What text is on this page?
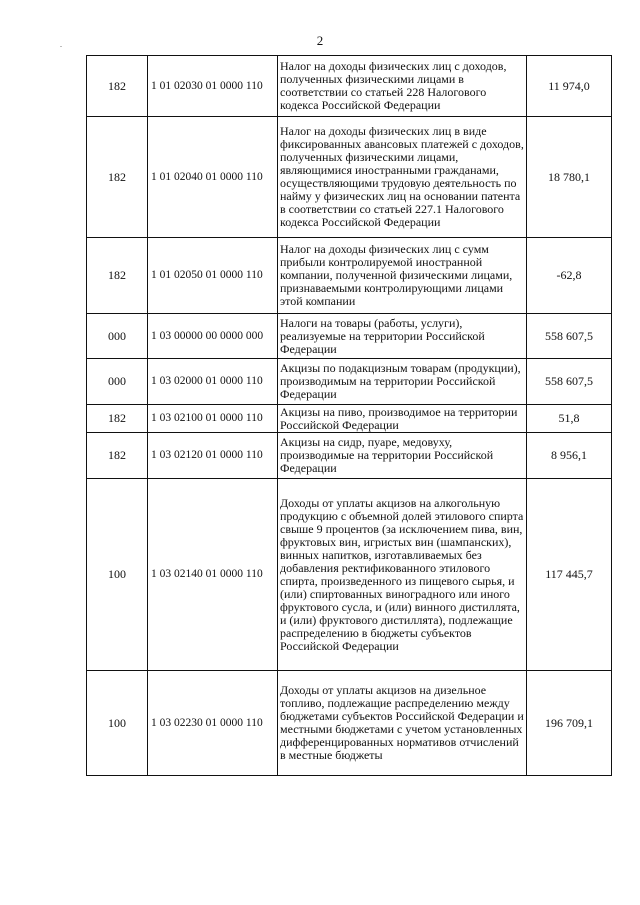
.	2
182	1 01 02030 01 0000 110	Налог на доходы физических лиц с доходов, полученных физическими лицами в соответствии со статьей 228 Налогового кодекса Российской Федерации	11 974,0
182	1 01 02040 01 0000 110	Налог на доходы физических лиц в виде фиксированных авансовых платежей с доходов, полученных физическими лицами, являющимися иностранными гражданами, осуществляющими трудовую деятельность по найму у физических лиц на основании патента в соответствии со статьей 227.1 Налогового кодекса Российской Федерации	18 780,1
182	1 01 02050 01 0000 110	Налог на доходы физических лиц с сумм прибыли контролируемой иностранной компании, полученной физическими лицами, признаваемыми контролирующими лицами этой компании	-62,8
000	1 03 00000 00 0000 000	Налоги на товары (работы, услуги), реализуемые на территории Российской Федерации	558 607,5
000	1 03 02000 01 0000 110	Акцизы по подакцизным товарам (продукции), производимым на территории Российской Федерации	558 607,5
182	1 03 02100 01 0000 110	Акцизы на пиво, производимое на территории Российской Федерации	51,8
182	1 03 02120 01 0000 110	Акцизы на сидр, пуаре, медовуху, производимые на территории Российской Федерации	8 956,1
100	1 03 02140 01 0000 110	Доходы от уплаты акцизов на алкогольную продукцию с объемной долей этилового спирта свыше 9 процентов (за исключением пива, вин, фруктовых вин, игристых вин (шампанских), винных напитков, изготавливаемых без добавления ректификованного этилового спирта, произведенного из пищевого сырья, и (или) спиртованных виноградного или иного фруктового сусла, и (или) винного дистиллята, и (или) фруктового дистиллята), подлежащие распределению в бюджеты субъектов Российской Федерации	117 445,7
100	1 03 02230 01 0000 110	Доходы от уплаты акцизов на дизельное топливо, подлежащие распределению между бюджетами субъектов Российской Федерации и местными бюджетами с учетом установленных дифференцированных нормативов отчислений в местные бюджеты	196 709,1
